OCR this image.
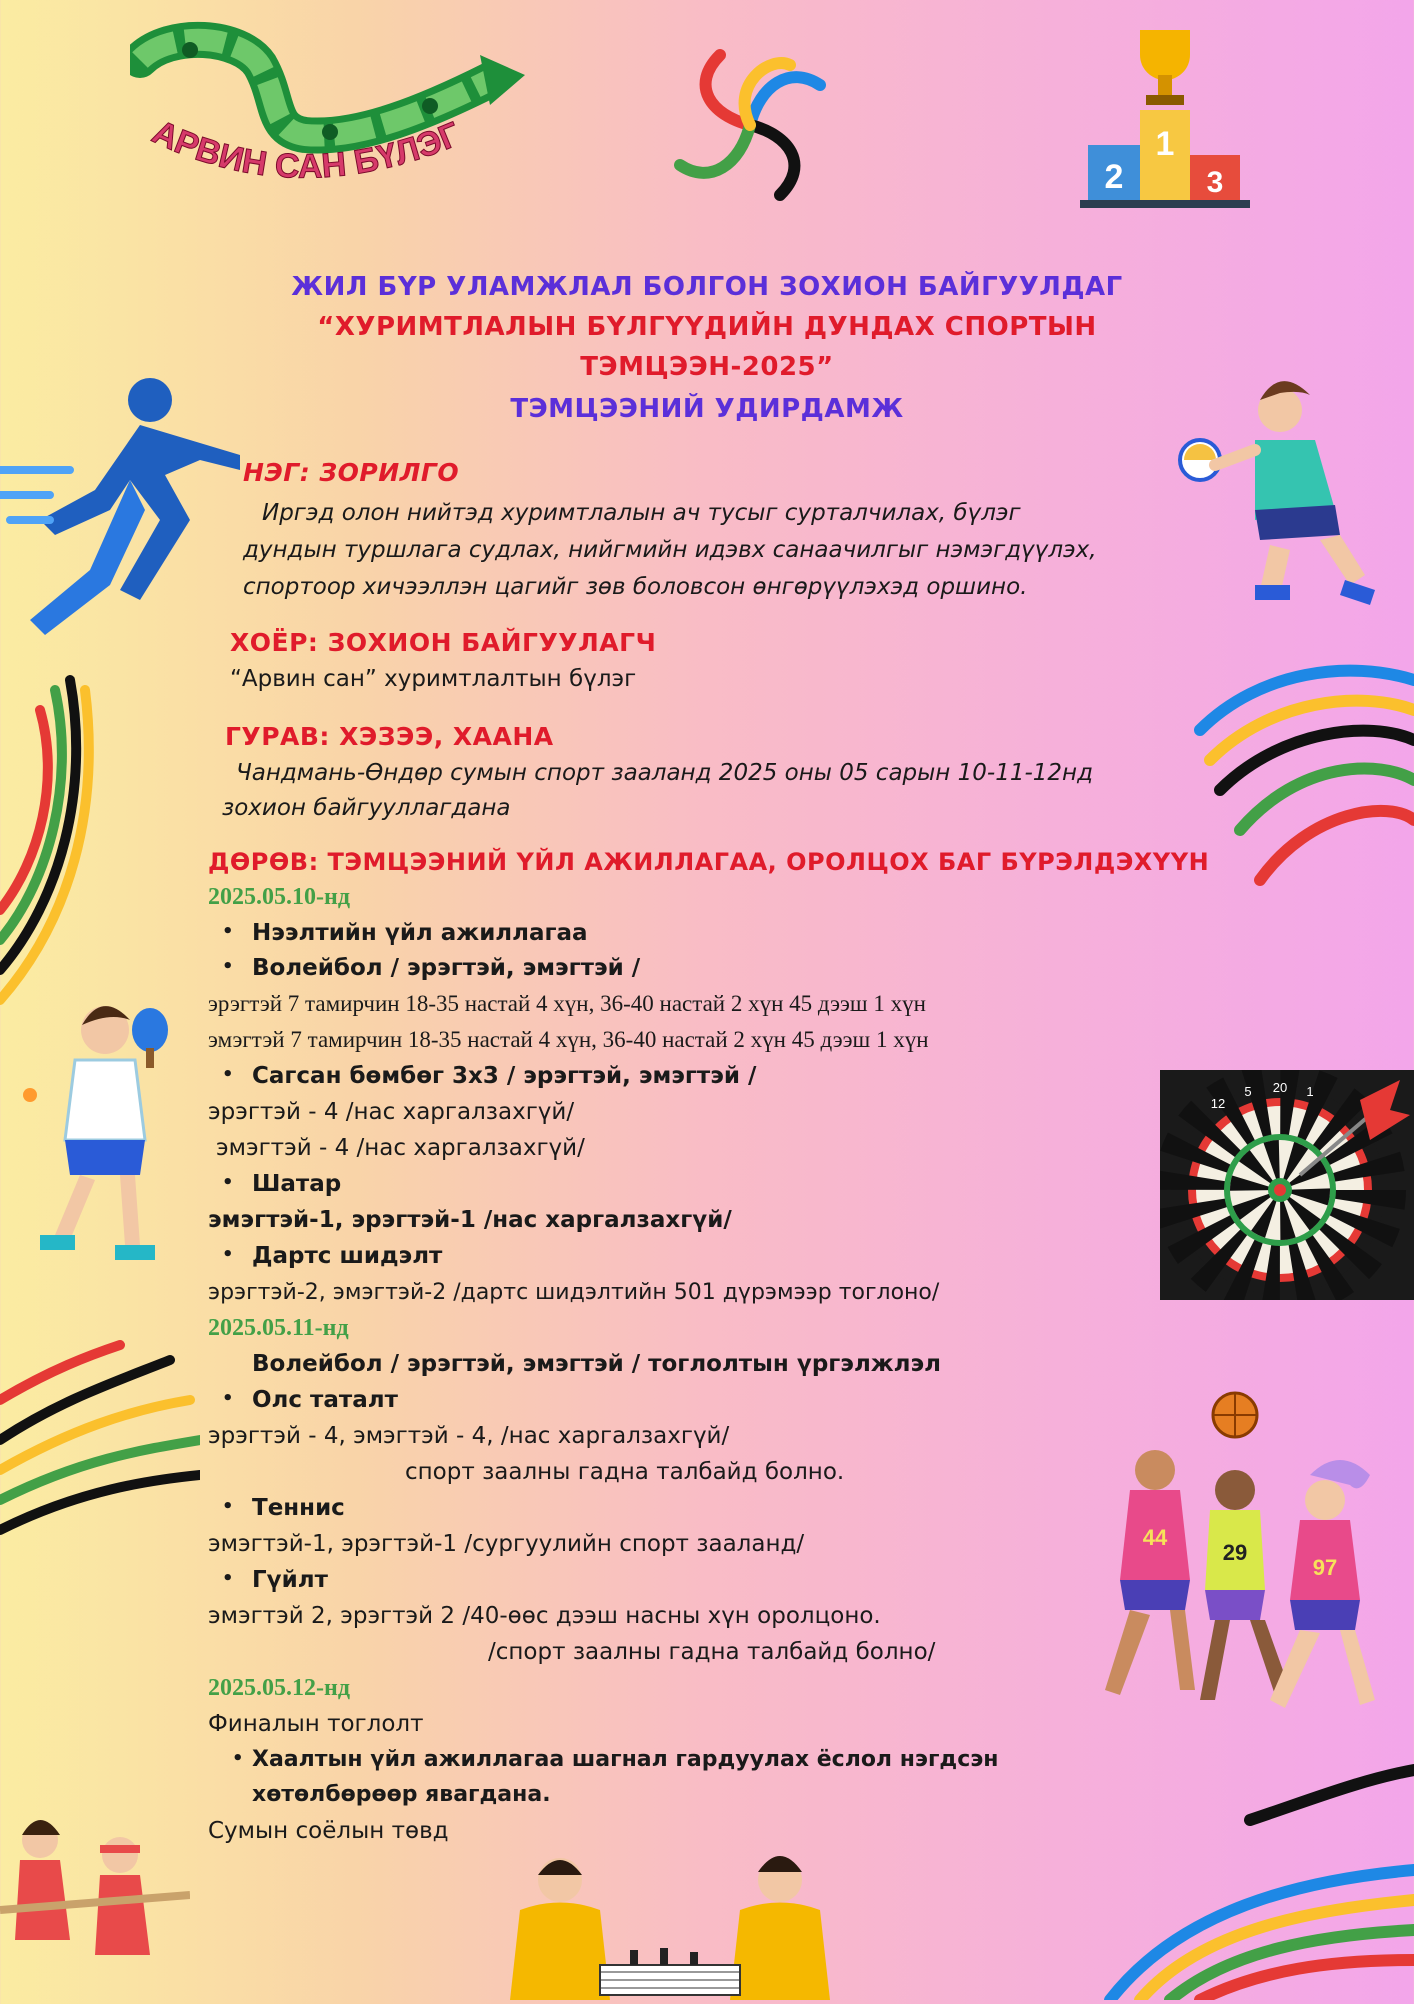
АРВИН САН БҮЛЭГ	1
2	3
20 1
5
12
44
29
97
ЖИЛ БҮР УЛАМЖЛАЛ БОЛГОН ЗОХИОН БАЙГУУЛДАГ
“ХУРИМТЛАЛЫН БҮЛГҮҮДИЙН ДУНДАХ СПОРТЫН
ТЭМЦЭЭН-2025”
ТЭМЦЭЭНИЙ УДИРДАМЖ
НЭГ: ЗОРИЛГО
Иргэд олон нийтэд хуримтлалын ач тусыг сурталчилах, бүлэг
дундын туршлага судлах, нийгмийн идэвх санаачилгыг нэмэгдүүлэх,
спортоор хичээллэн цагийг зөв боловсон өнгөрүүлэхэд оршино.
ХОЁР: ЗОХИОН БАЙГУУЛАГЧ
“Арвин сан” хуримтлалтын бүлэг
ГУРАВ: ХЭЗЭЭ, ХААНА
Чандмань-Өндөр сумын спорт зааланд 2025 оны 05 сарын 10-11-12нд
зохион байгууллагдана
ДӨРӨВ: ТЭМЦЭЭНИЙ ҮЙЛ АЖИЛЛАГАА, ОРОЛЦОХ БАГ БҮРЭЛДЭХҮҮН
2025.05.10-нд
• Нээлтийн үйл ажиллагаа
• Волейбол / эрэгтэй, эмэгтэй /
эрэгтэй 7 тамирчин 18-35 настай 4 хүн, 36-40 настай 2 хүн 45 дээш 1 хүн
эмэгтэй 7 тамирчин 18-35 настай 4 хүн, 36-40 настай 2 хүн 45 дээш 1 хүн
• Сагсан бөмбөг 3х3 / эрэгтэй, эмэгтэй /
эрэгтэй - 4 /нас харгалзахгүй/
эмэгтэй - 4 /нас харгалзахгүй/
• Шатар
эмэгтэй-1, эрэгтэй-1 /нас харгалзахгүй/
• Дартс шидэлт
эрэгтэй-2, эмэгтэй-2 /дартс шидэлтийн 501 дүрэмээр тоглоно/
2025.05.11-нд
Волейбол / эрэгтэй, эмэгтэй / тоглолтын үргэлжлэл
• Олс таталт
эрэгтэй - 4, эмэгтэй - 4, /нас харгалзахгүй/
спорт заалны гадна талбайд болно.
• Теннис
эмэгтэй-1, эрэгтэй-1 /сургуулийн спорт зааланд/
• Гүйлт
эмэгтэй 2, эрэгтэй 2 /40-өөс дээш насны хүн оролцоно.
/спорт заалны гадна талбайд болно/
2025.05.12-нд
Финалын тоглолт
• Хаалтын үйл ажиллагаа шагнал гардуулах ёслол нэгдсэн
хөтөлбөрөөр явагдана.
Сумын соёлын төвд
